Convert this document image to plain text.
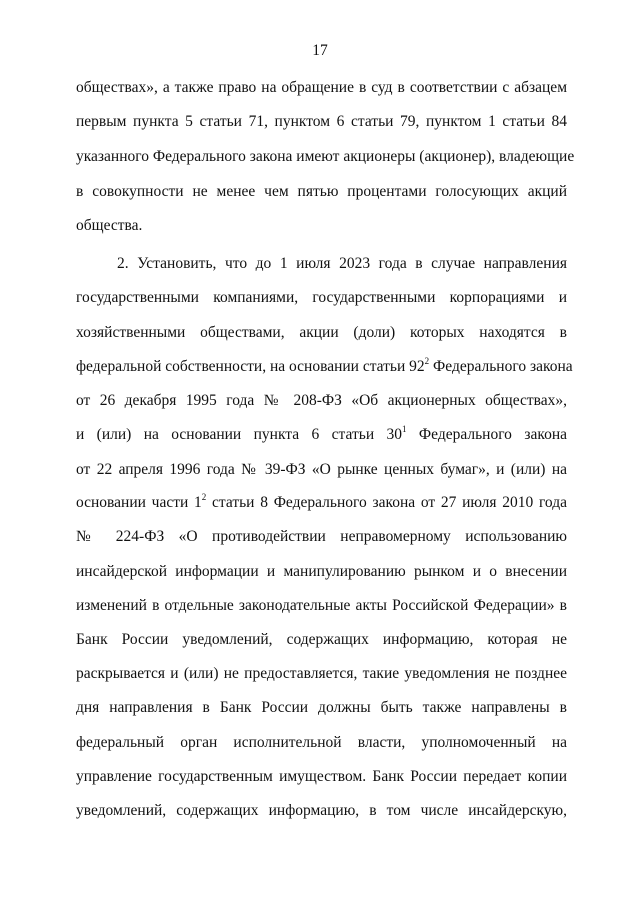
17
обществах», а также право на обращение в суд в соответствии с абзацем
первым пункта 5 статьи 71, пунктом 6 статьи 79, пунктом 1 статьи 84
указанного Федерального закона имеют акционеры (акционер), владеющие
в совокупности не менее чем пятью процентами голосующих акций
общества.
2. Установить, что до 1 июля 2023 года в случае направления
государственными компаниями, государственными корпорациями и
хозяйственными обществами, акции (доли) которых находятся в
федеральной собственности, на основании статьи $92^2$ Федерального закона
от 26 декабря 1995 года № 208-ФЗ «Об акционерных обществах»,
и (или) на основании пункта 6 статьи $30^1$ Федерального закона
от 22 апреля 1996 года № 39-ФЗ «О рынке ценных бумаг», и (или) на
основании части $1^2$ статьи 8 Федерального закона от 27 июля 2010 года
№ 224-ФЗ «О противодействии неправомерному использованию
инсайдерской информации и манипулированию рынком и о внесении
изменений в отдельные законодательные акты Российской Федерации» в
Банк России уведомлений, содержащих информацию, которая не
раскрывается и (или) не предоставляется, такие уведомления не позднее
дня направления в Банк России должны быть также направлены в
федеральный орган исполнительной власти, уполномоченный на
управление государственным имуществом. Банк России передает копии
уведомлений, содержащих информацию, в том числе инсайдерскую,
